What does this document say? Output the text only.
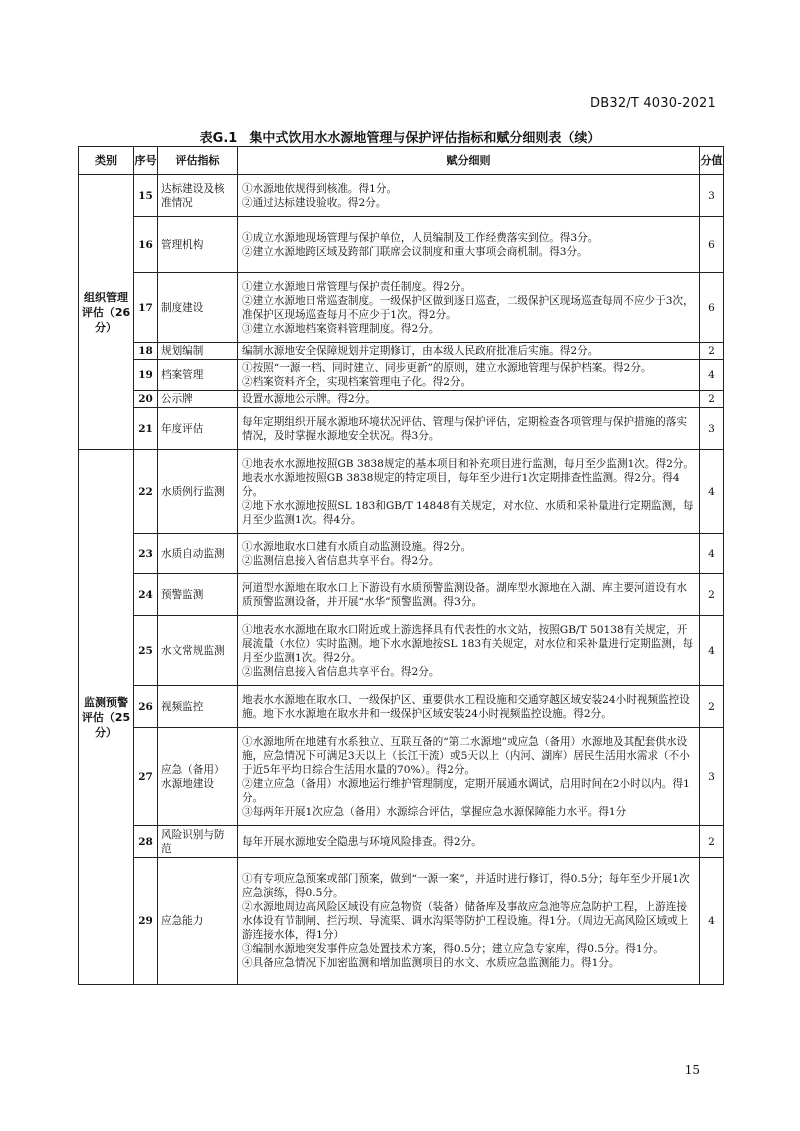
DB32/T 4030-2021
表G.1 集中式饮用水水源地管理与保护评估指标和赋分细则表（续）
类别	序号	评估指标	赋分细则	分值
组织管理评估（26分）	15	达标建设及核准情况	①水源地依规得到核准。得1分。
②通过达标建设验收。得2分。	3
	16	管理机构	①成立水源地现场管理与保护单位，人员编制及工作经费落实到位。得3分。
②建立水源地跨区域及跨部门联席会议制度和重大事项会商机制。得3分。	6
	17	制度建设	①建立水源地日常管理与保护责任制度。得2分。
②建立水源地日常巡查制度。一级保护区做到逐日巡查，二级保护区现场巡查每周不应少于3次，准保护区现场巡查每月不应少于1次。得2分。
③建立水源地档案资料管理制度。得2分。	6
	18	规划编制	编制水源地安全保障规划并定期修订，由本级人民政府批准后实施。得2分。	2
	19	档案管理	①按照“一源一档、同时建立、同步更新”的原则，建立水源地管理与保护档案。得2分。
②档案资料齐全，实现档案管理电子化。得2分。	4
	20	公示牌	设置水源地公示牌。得2分。	2
	21	年度评估	每年定期组织开展水源地环境状况评估、管理与保护评估，定期检查各项管理与保护措施的落实情况，及时掌握水源地安全状况。得3分。	3
监测预警评估（25分）	22	水质例行监测	①地表水水源地按照GB 3838规定的基本项目和补充项目进行监测，每月至少监测1次。得2分。地表水水源地按照GB 3838规定的特定项目，每年至少进行1次定期排查性监测。得2分。得4分。
②地下水水源地按照SL 183和GB/T 14848有关规定，对水位、水质和采补量进行定期监测，每月至少监测1次。得4分。	4
	23	水质自动监测	①水源地取水口建有水质自动监测设施。得2分。
②监测信息接入省信息共享平台。得2分。	4
	24	预警监测	河道型水源地在取水口上下游设有水质预警监测设备。湖库型水源地在入湖、库主要河道设有水质预警监测设备，并开展“水华”预警监测。得3分。	2
	25	水文常规监测	①地表水水源地在取水口附近或上游选择具有代表性的水文站，按照GB/T 50138有关规定，开展流量（水位）实时监测。地下水水源地按SL 183有关规定，对水位和采补量进行定期监测，每月至少监测1次。得2分。
②监测信息接入省信息共享平台。得2分。	4
	26	视频监控	地表水水源地在取水口、一级保护区、重要供水工程设施和交通穿越区域安装24小时视频监控设施。地下水水源地在取水井和一级保护区域安装24小时视频监控设施。得2分。	2
	27	应急（备用）水源地建设	①水源地所在地建有水系独立、互联互备的“第二水源地”或应急（备用）水源地及其配套供水设施，应急情况下可满足3天以上（长江干流）或5天以上（内河、湖库）居民生活用水需求（不小于近5年平均日综合生活用水量的70%）。得2分。
②建立应急（备用）水源地运行维护管理制度，定期开展通水调试，启用时间在2小时以内。得1分。
③每两年开展1次应急（备用）水源综合评估，掌握应急水源保障能力水平。得1分	3
	28	风险识别与防范	每年开展水源地安全隐患与环境风险排查。得2分。	2
	29	应急能力	①有专项应急预案或部门预案，做到“一源一案”，并适时进行修订，得0.5分；每年至少开展1次应急演练，得0.5分。
②水源地周边高风险区域设有应急物资（装备）储备库及事故应急池等应急防护工程，上游连接水体设有节制闸、拦污坝、导流渠、调水沟渠等防护工程设施。得1分。（周边无高风险区域或上游连接水体，得1分）
③编制水源地突发事件应急处置技术方案，得0.5分；建立应急专家库，得0.5分。得1分。
④具备应急情况下加密监测和增加监测项目的水文、水质应急监测能力。得1分。	4
15
